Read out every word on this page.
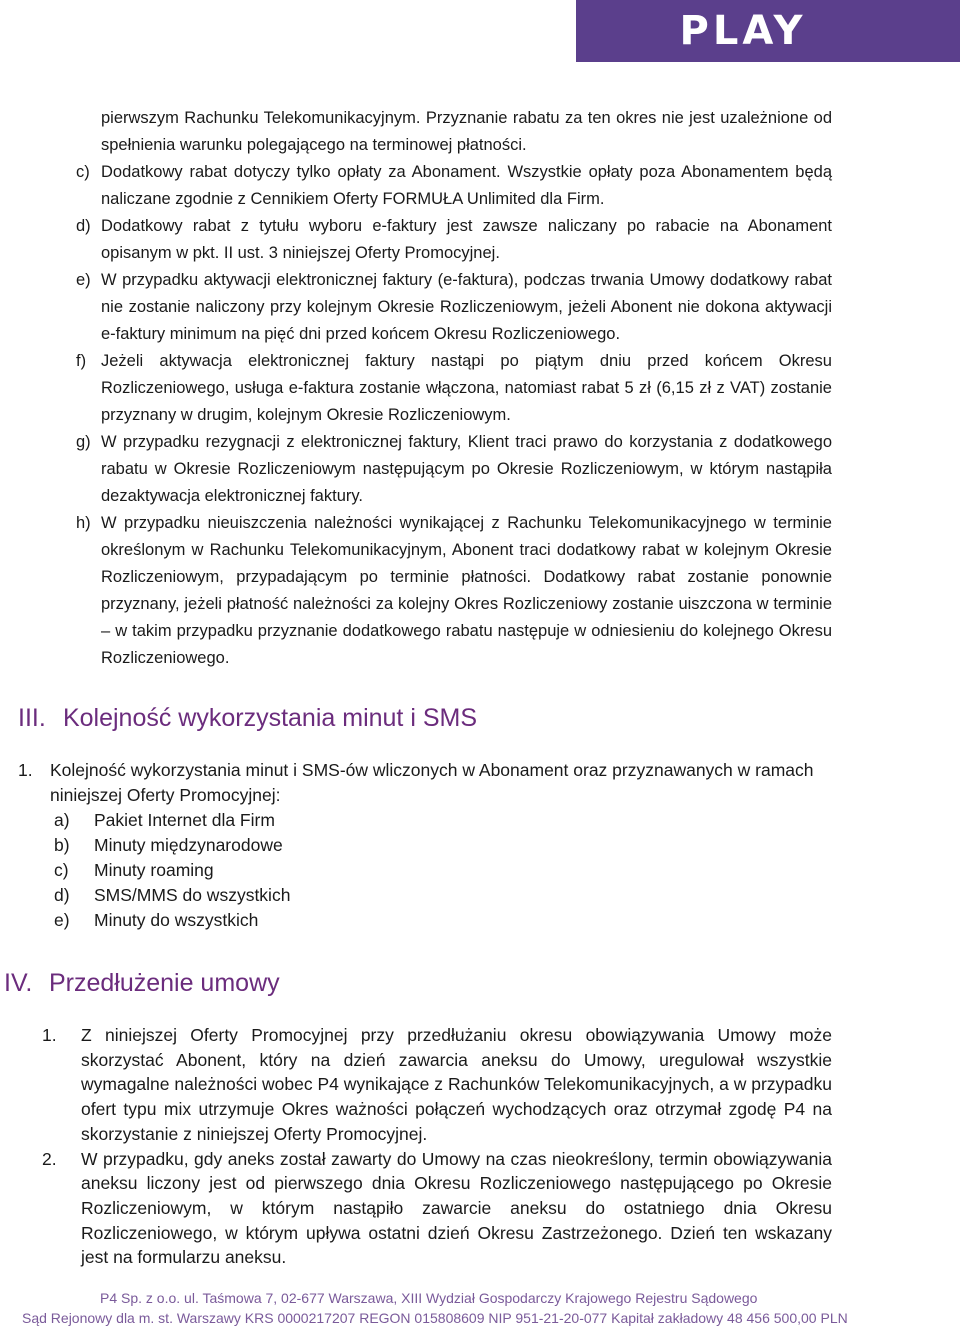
PLAY
pierwszym Rachunku Telekomunikacyjnym. Przyznanie rabatu za ten okres nie jest uzależnione od spełnienia warunku polegającego na terminowej płatności.
c) Dodatkowy rabat dotyczy tylko opłaty za Abonament. Wszystkie opłaty poza Abonamentem będą naliczane zgodnie z Cennikiem Oferty FORMUŁA Unlimited dla Firm.
d) Dodatkowy rabat z tytułu wyboru e-faktury jest zawsze naliczany po rabacie na Abonament opisanym w pkt. II ust. 3 niniejszej Oferty Promocyjnej.
e) W przypadku aktywacji elektronicznej faktury (e-faktura), podczas trwania Umowy dodatkowy rabat nie zostanie naliczony przy kolejnym Okresie Rozliczeniowym, jeżeli Abonent nie dokona aktywacji e-faktury minimum na pięć dni przed końcem Okresu Rozliczeniowego.
f) Jeżeli aktywacja elektronicznej faktury nastąpi po piątym dniu przed końcem Okresu Rozliczeniowego, usługa e-faktura zostanie włączona, natomiast rabat 5 zł (6,15 zł z VAT) zostanie przyznany w drugim, kolejnym Okresie Rozliczeniowym.
g) W przypadku rezygnacji z elektronicznej faktury, Klient traci prawo do korzystania z dodatkowego rabatu w Okresie Rozliczeniowym następującym po Okresie Rozliczeniowym, w którym nastąpiła dezaktywacja elektronicznej faktury.
h) W przypadku nieuiszczenia należności wynikającej z Rachunku Telekomunikacyjnego w terminie określonym w Rachunku Telekomunikacyjnym, Abonent traci dodatkowy rabat w kolejnym Okresie Rozliczeniowym, przypadającym po terminie płatności. Dodatkowy rabat zostanie ponownie przyznany, jeżeli płatność należności za kolejny Okres Rozliczeniowy zostanie uiszczona w terminie – w takim przypadku przyznanie dodatkowego rabatu następuje w odniesieniu do kolejnego Okresu Rozliczeniowego.
III. Kolejność wykorzystania minut i SMS
1. Kolejność wykorzystania minut i SMS-ów wliczonych w Abonament oraz przyznawanych w ramach niniejszej Oferty Promocyjnej:
a)	Pakiet Internet dla Firm
b)	Minuty międzynarodowe
c)	Minuty roaming
d)	SMS/MMS do wszystkich
e)	Minuty do wszystkich
IV. Przedłużenie umowy
1.	Z niniejszej Oferty Promocyjnej przy przedłużaniu okresu obowiązywania Umowy może skorzystać Abonent, który na dzień zawarcia aneksu do Umowy, uregulował wszystkie wymagalne należności wobec P4 wynikające z Rachunków Telekomunikacyjnych, a w przypadku ofert typu mix utrzymuje Okres ważności połączeń wychodzących oraz otrzymał zgodę P4 na skorzystanie z niniejszej Oferty Promocyjnej.
2.	W przypadku, gdy aneks został zawarty do Umowy na czas nieokreślony, termin obowiązywania aneksu liczony jest od pierwszego dnia Okresu Rozliczeniowego następującego po Okresie Rozliczeniowym, w którym nastąpiło zawarcie aneksu do ostatniego dnia Okresu Rozliczeniowego, w którym upływa ostatni dzień Okresu Zastrzeżonego. Dzień ten wskazany jest na formularzu aneksu.
P4 Sp. z o.o. ul. Taśmowa 7, 02-677 Warszawa, XIII Wydział Gospodarczy Krajowego Rejestru Sądowego
Sąd Rejonowy dla m. st. Warszawy KRS 0000217207 REGON 015808609 NIP 951-21-20-077 Kapitał zakładowy 48 456 500,00 PLN
